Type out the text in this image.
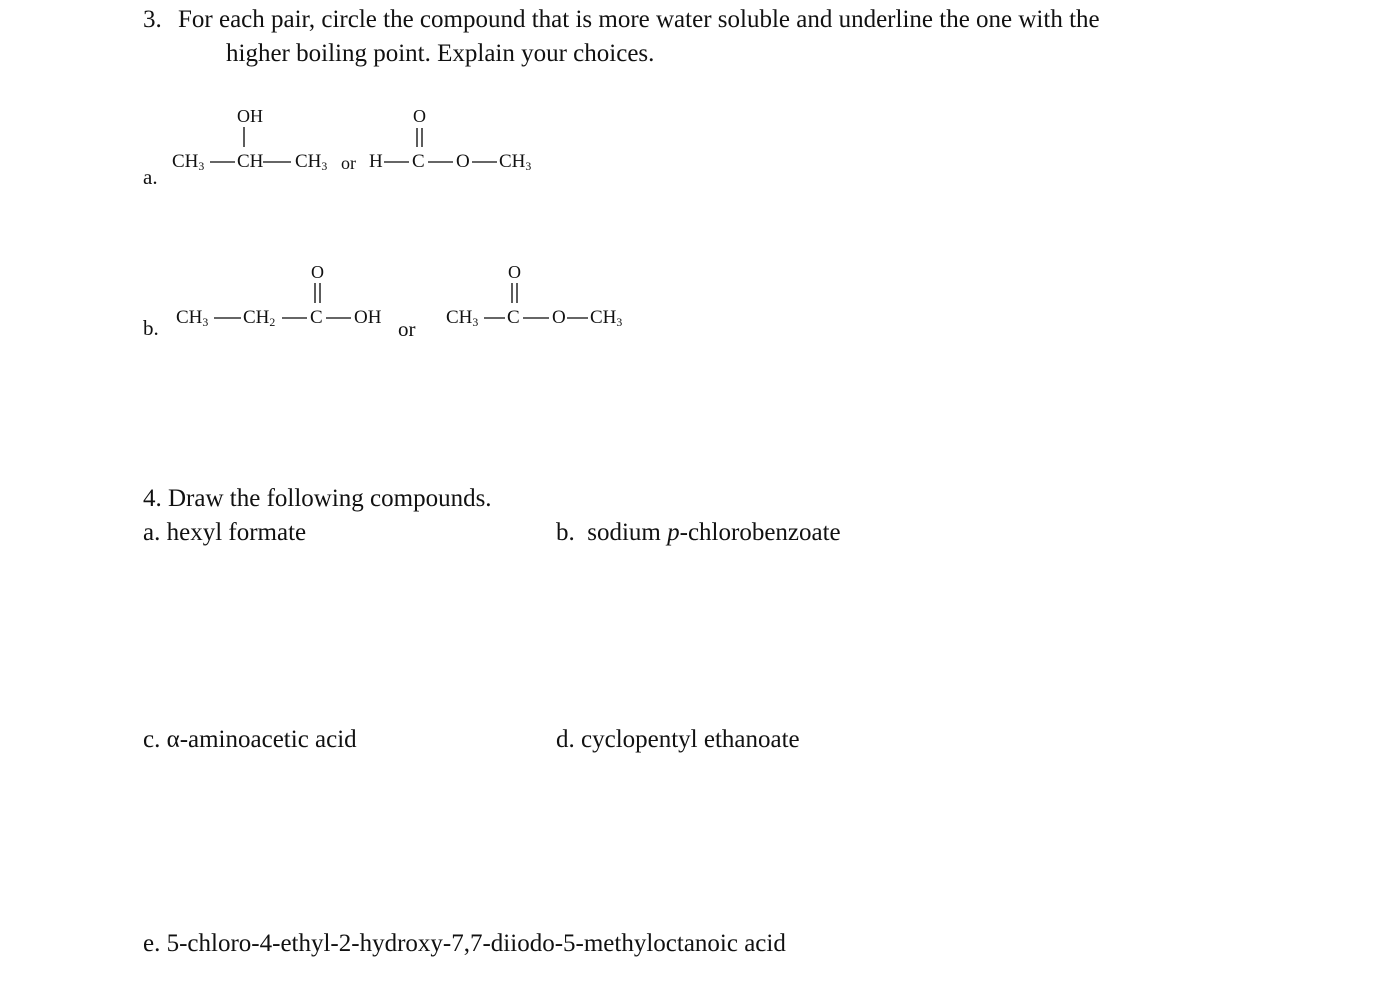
3. For each pair, circle the compound that is more water soluble and underline the one with the
higher boiling point. Explain your choices.
a.
OH
$CH_3$ CH $CH_3$ or H
O
C O $CH_3$
b. $CH_3$ $CH_2$
O
C OH or $CH_3$
O
C O $CH_3$
4. Draw the following compounds.
a. hexyl formate	b.  sodium p-chlorobenzoate
c. α-aminoacetic acid	d. cyclopentyl ethanoate
e. 5-chloro-4-ethyl-2-hydroxy-7,7-diiodo-5-methyloctanoic acid
